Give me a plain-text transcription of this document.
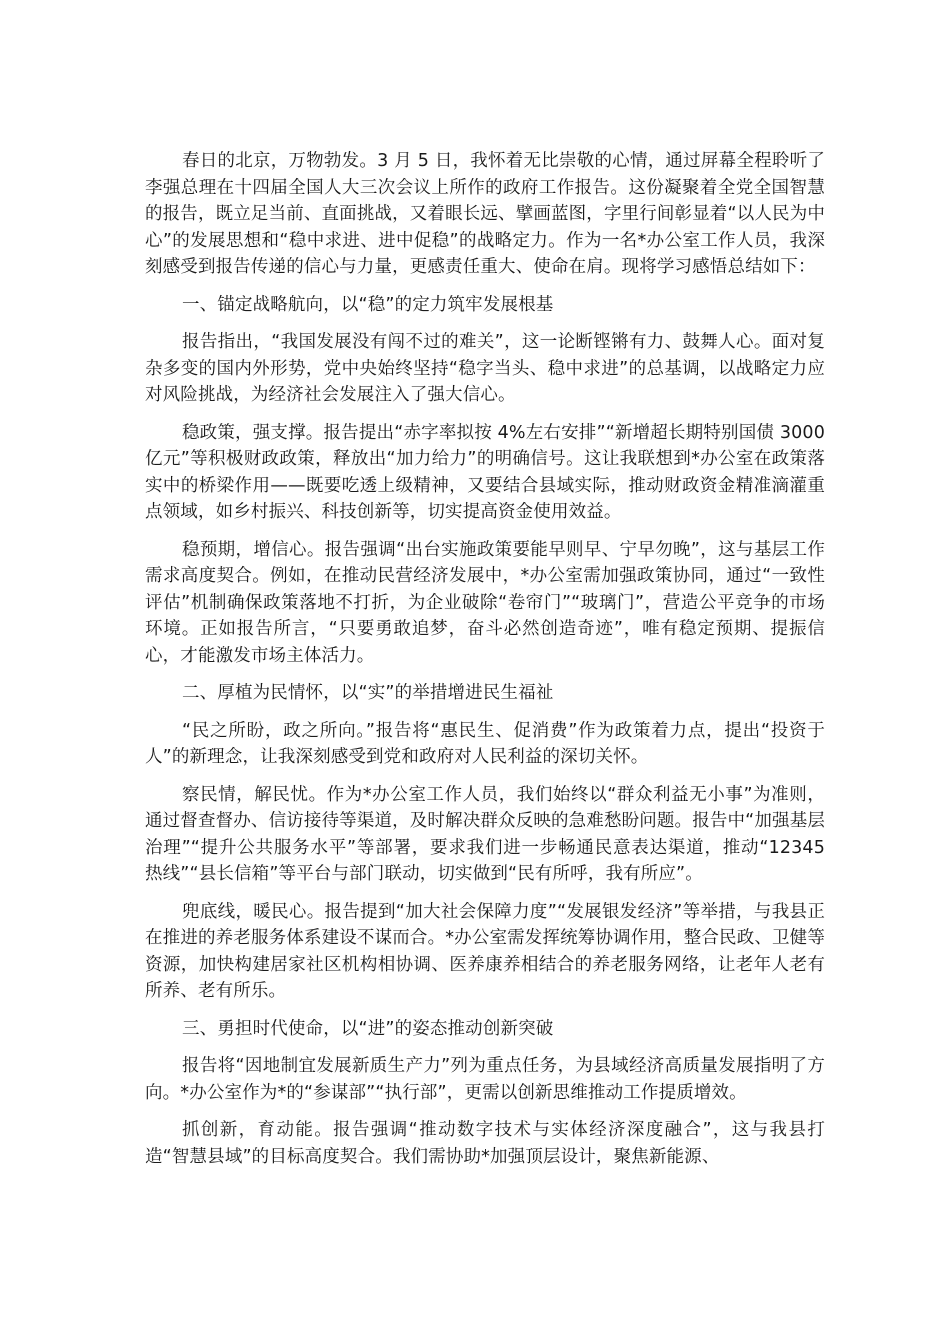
春日的北京，万物勃发。3 月 5 日，我怀着无比崇敬的心情，通过屏幕全程聆听了李强总理在十四届全国人大三次会议上所作的政府工作报告。这份凝聚着全党全国智慧的报告，既立足当前、直面挑战，又着眼长远、擘画蓝图，字里行间彰显着“以人民为中心”的发展思想和“稳中求进、进中促稳”的战略定力。作为一名*办公室工作人员，我深刻感受到报告传递的信心与力量，更感责任重大、使命在肩。现将学习感悟总结如下：

一、锚定战略航向，以“稳”的定力筑牢发展根基

报告指出，“我国发展没有闯不过的难关”，这一论断铿锵有力、鼓舞人心。面对复杂多变的国内外形势，党中央始终坚持“稳字当头、稳中求进”的总基调，以战略定力应对风险挑战，为经济社会发展注入了强大信心。

稳政策，强支撑。报告提出“赤字率拟按 4%左右安排”“新增超长期特别国债 3000 亿元”等积极财政政策，释放出“加力给力”的明确信号。这让我联想到*办公室在政策落实中的桥梁作用——既要吃透上级精神，又要结合县域实际，推动财政资金精准滴灌重点领域，如乡村振兴、科技创新等，切实提高资金使用效益。

稳预期，增信心。报告强调“出台实施政策要能早则早、宁早勿晚”，这与基层工作需求高度契合。例如，在推动民营经济发展中，*办公室需加强政策协同，通过“一致性评估”机制确保政策落地不打折，为企业破除“卷帘门”“玻璃门”，营造公平竞争的市场环境。正如报告所言，“只要勇敢追梦，奋斗必然创造奇迹”，唯有稳定预期、提振信心，才能激发市场主体活力。

二、厚植为民情怀，以“实”的举措增进民生福祉

“民之所盼，政之所向。”报告将“惠民生、促消费”作为政策着力点，提出“投资于人”的新理念，让我深刻感受到党和政府对人民利益的深切关怀。

察民情，解民忧。作为*办公室工作人员，我们始终以“群众利益无小事”为准则，通过督查督办、信访接待等渠道，及时解决群众反映的急难愁盼问题。报告中“加强基层治理”“提升公共服务水平”等部署，要求我们进一步畅通民意表达渠道，推动“12345 热线”“县长信箱”等平台与部门联动，切实做到“民有所呼，我有所应”。

兜底线，暖民心。报告提到“加大社会保障力度”“发展银发经济”等举措，与我县正在推进的养老服务体系建设不谋而合。*办公室需发挥统筹协调作用，整合民政、卫健等资源，加快构建居家社区机构相协调、医养康养相结合的养老服务网络，让老年人老有所养、老有所乐。

三、勇担时代使命，以“进”的姿态推动创新突破

报告将“因地制宜发展新质生产力”列为重点任务，为县域经济高质量发展指明了方向。*办公室作为*的“参谋部”“执行部”，更需以创新思维推动工作提质增效。

抓创新，育动能。报告强调“推动数字技术与实体经济深度融合”，这与我县打造“智慧县域”的目标高度契合。我们需协助*加强顶层设计，聚焦新能源、
